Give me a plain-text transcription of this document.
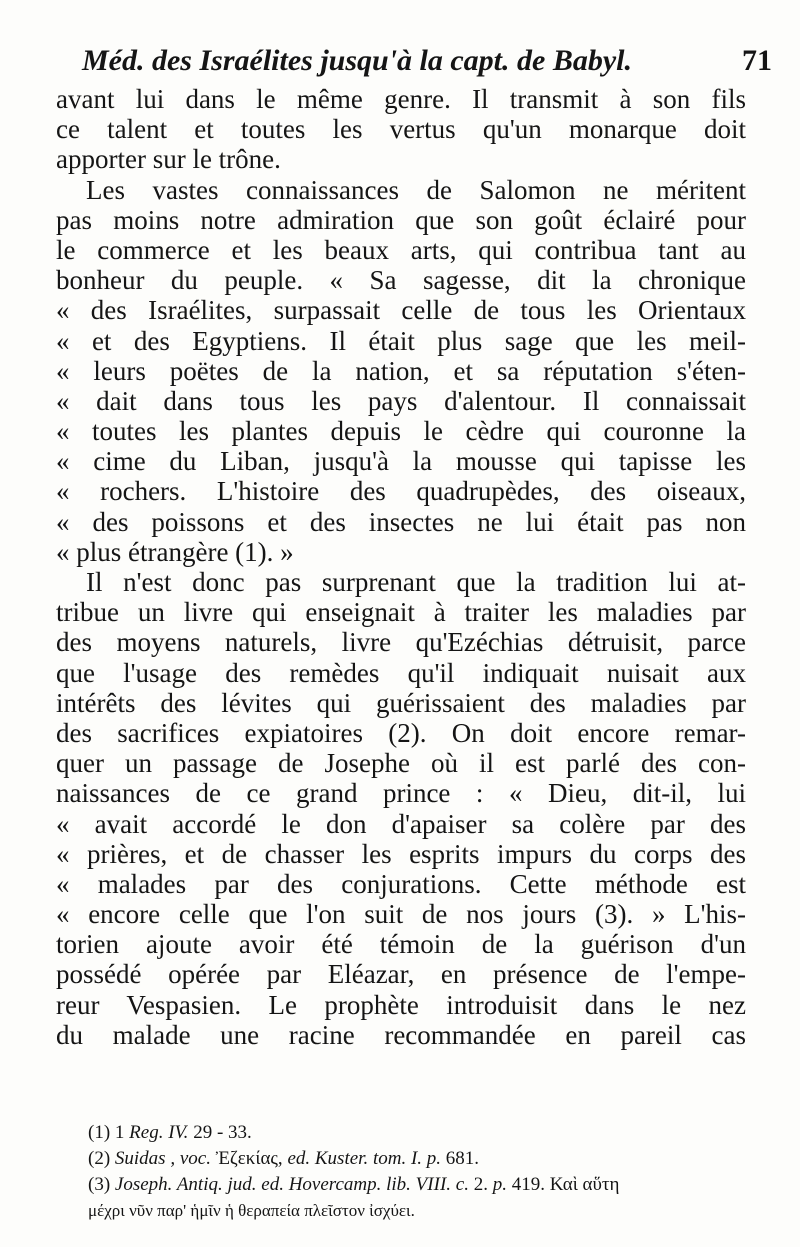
Méd. des Israélites jusqu'à la capt. de Babyl.	71
avant lui dans le même genre. Il transmit à son fils
ce talent et toutes les vertus qu'un monarque doit
apporter sur le trône.
Les vastes connaissances de Salomon ne méritent
pas moins notre admiration que son goût éclairé pour
le commerce et les beaux arts, qui contribua tant au
bonheur du peuple. « Sa sagesse, dit la chronique
« des Israélites, surpassait celle de tous les Orientaux
« et des Egyptiens. Il était plus sage que les meil-
« leurs poëtes de la nation, et sa réputation s'éten-
« dait dans tous les pays d'alentour. Il connaissait
« toutes les plantes depuis le cèdre qui couronne la
« cime du Liban, jusqu'à la mousse qui tapisse les
« rochers. L'histoire des quadrupèdes, des oiseaux,
« des poissons et des insectes ne lui était pas non
« plus étrangère (1). »
Il n'est donc pas surprenant que la tradition lui at-
tribue un livre qui enseignait à traiter les maladies par
des moyens naturels, livre qu'Ezéchias détruisit, parce
que l'usage des remèdes qu'il indiquait nuisait aux
intérêts des lévites qui guérissaient des maladies par
des sacrifices expiatoires (2). On doit encore remar-
quer un passage de Josephe où il est parlé des con-
naissances de ce grand prince : « Dieu, dit-il, lui
« avait accordé le don d'apaiser sa colère par des
« prières, et de chasser les esprits impurs du corps des
« malades par des conjurations. Cette méthode est
« encore celle que l'on suit de nos jours (3). » L'his-
torien ajoute avoir été témoin de la guérison d'un
possédé opérée par Eléazar, en présence de l'empe-
reur Vespasien. Le prophète introduisit dans le nez
du malade une racine recommandée en pareil cas
(1) 1 Reg. IV. 29 - 33.
(2) Suidas , voc. Ἐζεκίας, ed. Kuster. tom. I. p. 681.
(3) Joseph. Antiq. jud. ed. Hovercamp. lib. VIII. c. 2. p. 419. Καὶ αὕτη
μέχρι νῦν παρ' ἡμῖν ἡ θεραπεία πλεῖστον ἰσχύει.
